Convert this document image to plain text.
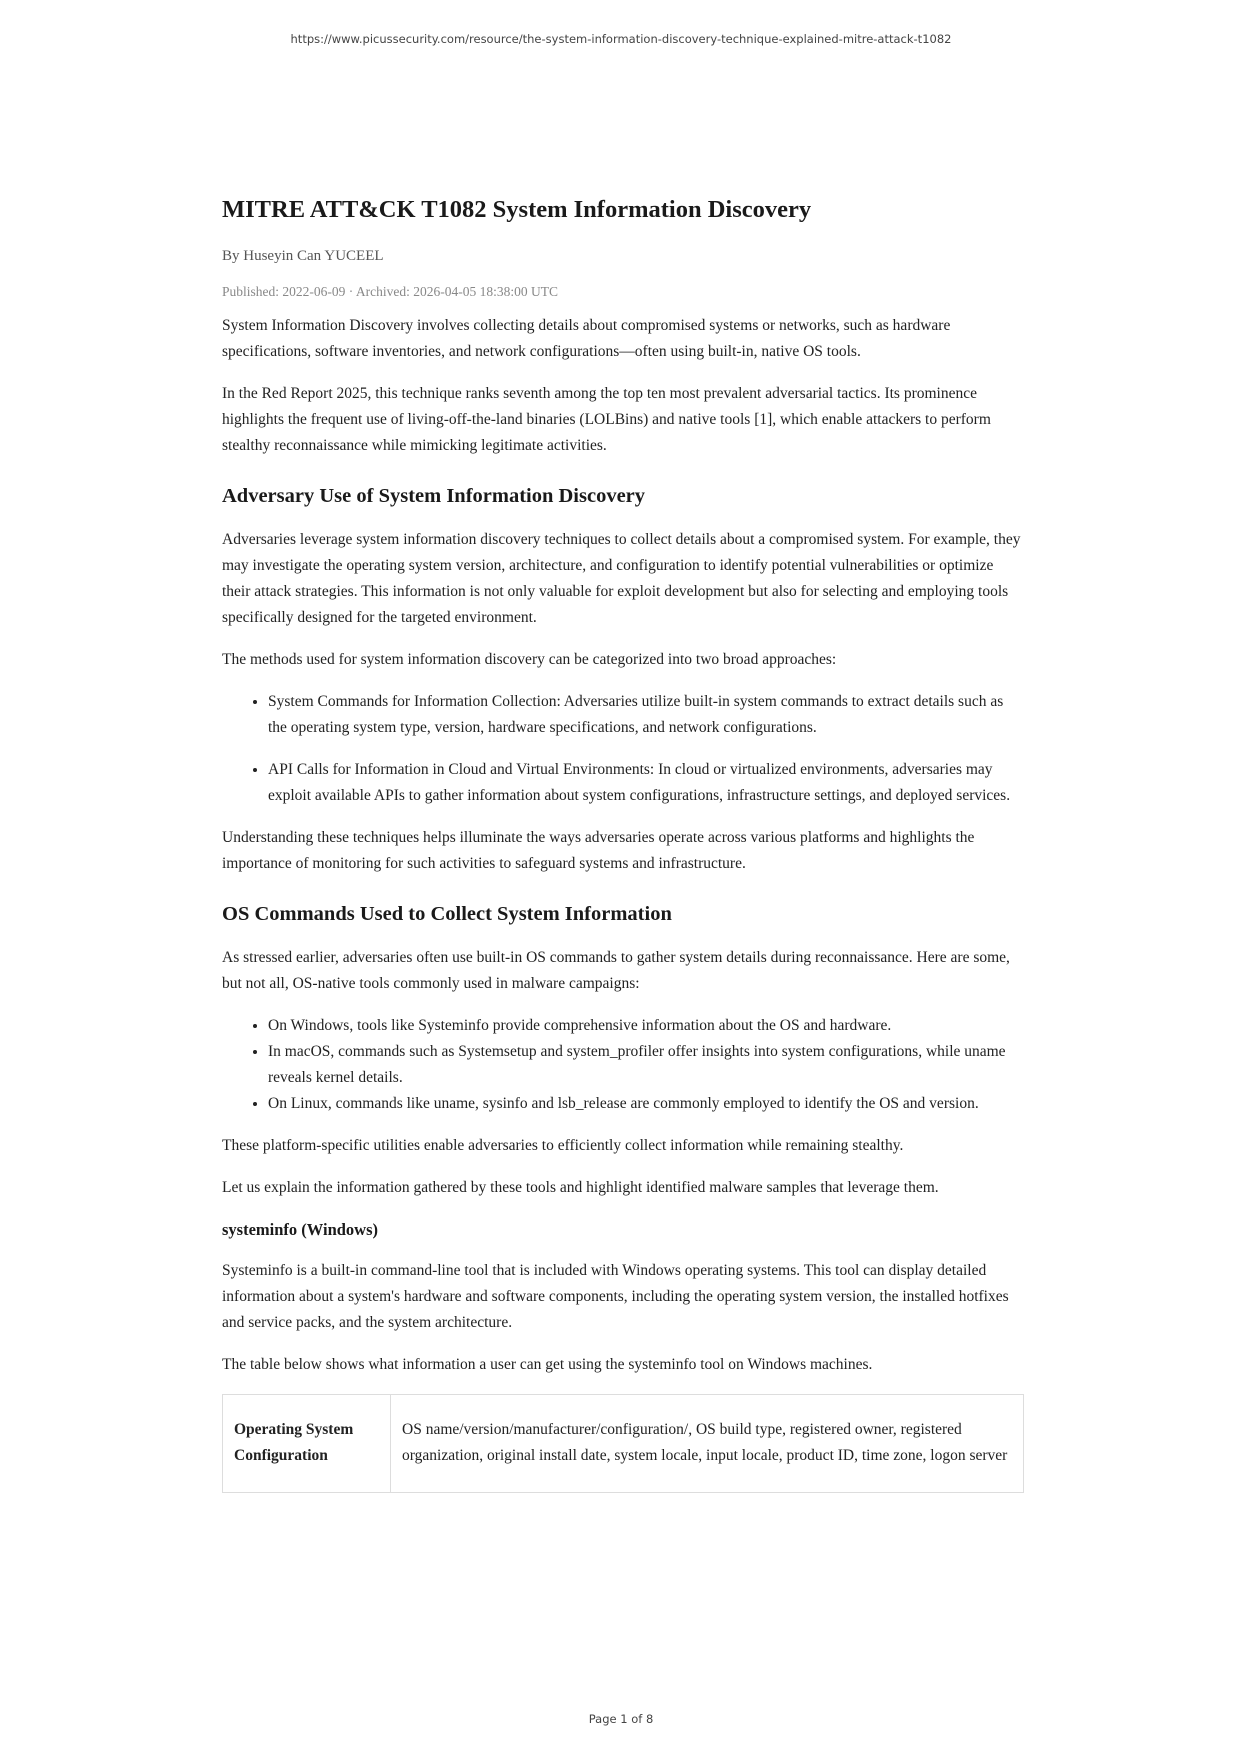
https://www.picussecurity.com/resource/the-system-information-discovery-technique-explained-mitre-attack-t1082
MITRE ATT&CK T1082 System Information Discovery
By Huseyin Can YUCEEL
Published: 2022-06-09 · Archived: 2026-04-05 18:38:00 UTC

System Information Discovery involves collecting details about compromised systems or networks, such as hardware specifications, software inventories, and network configurations—often using built-in, native OS tools.

In the Red Report 2025, this technique ranks seventh among the top ten most prevalent adversarial tactics. Its prominence highlights the frequent use of living-off-the-land binaries (LOLBins) and native tools [1], which enable attackers to perform stealthy reconnaissance while mimicking legitimate activities.

Adversary Use of System Information Discovery

Adversaries leverage system information discovery techniques to collect details about a compromised system. For example, they may investigate the operating system version, architecture, and configuration to identify potential vulnerabilities or optimize their attack strategies. This information is not only valuable for exploit development but also for selecting and employing tools specifically designed for the targeted environment.

The methods used for system information discovery can be categorized into two broad approaches:

• System Commands for Information Collection: Adversaries utilize built-in system commands to extract details such as the operating system type, version, hardware specifications, and network configurations.
• API Calls for Information in Cloud and Virtual Environments: In cloud or virtualized environments, adversaries may exploit available APIs to gather information about system configurations, infrastructure settings, and deployed services.

Understanding these techniques helps illuminate the ways adversaries operate across various platforms and highlights the importance of monitoring for such activities to safeguard systems and infrastructure.

OS Commands Used to Collect System Information

As stressed earlier, adversaries often use built-in OS commands to gather system details during reconnaissance. Here are some, but not all, OS-native tools commonly used in malware campaigns:

• On Windows, tools like Systeminfo provide comprehensive information about the OS and hardware.
• In macOS, commands such as Systemsetup and system_profiler offer insights into system configurations, while uname reveals kernel details.
• On Linux, commands like uname, sysinfo and lsb_release are commonly employed to identify the OS and version.

These platform-specific utilities enable adversaries to efficiently collect information while remaining stealthy.

Let us explain the information gathered by these tools and highlight identified malware samples that leverage them.

systeminfo (Windows)

Systeminfo is a built-in command-line tool that is included with Windows operating systems. This tool can display detailed information about a system's hardware and software components, including the operating system version, the installed hotfixes and service packs, and the system architecture.

The table below shows what information a user can get using the systeminfo tool on Windows machines.

Operating System Configuration	OS name/version/manufacturer/configuration/, OS build type, registered owner, registered organization, original install date, system locale, input locale, product ID, time zone, logon server
Page 1 of 8
